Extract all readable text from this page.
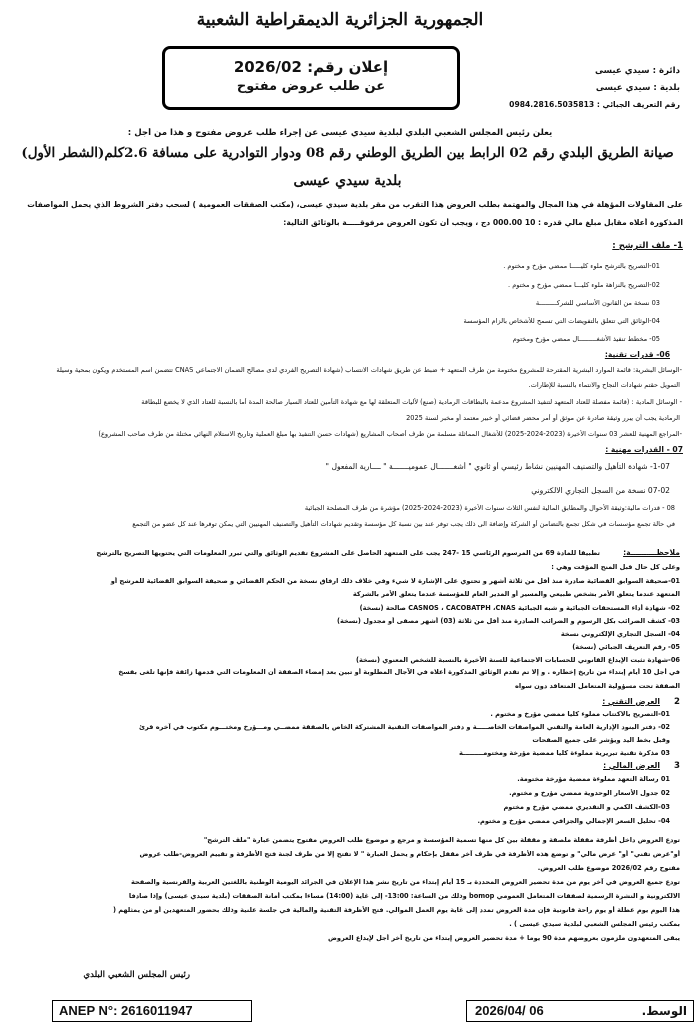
الجمهورية الجزائرية الديمقراطية الشعبية
إعلان رقم: 2026/02
عن طلب عروض مفتوح
دائرة : سيدي عيسى
بلدية : سيدي عيسى
رقم التعريف الجبائي : 0984.2816.5035813
يعلن رئيس المجلس الشعبي البلدي لبلدية سيدي عيسى عن إجراء طلب عروض مفتوح و هذا من أجل :
صيانة الطريق البلدي رقم 02 الرابط بين الطريق الوطني رقم 08 ودوار التوادرية على مسافة 2.6كلم(الشطر الأول)
بلدية سيدي عيسى
على المقاولات المؤهلة في هذا المجال والمهتمة بطلب العروض هذا التقرب من مقر بلدية سيدي عيسى، (مكتب الصفقات العمومية ) لسحب دفتر الشروط الذي يحمل المواصفات
المذكورة أعلاه مقابل مبلغ مالي قدره : 10 000.00 دج ، ويجب أن تكون العروض مرفوقـــــة بالوثائق التالية:
1- ملف الترشح :
01-التصريح بالترشح ملوء كليـــــا ممضي مؤرخ و مختوم .
02-التصريح بالنزاهة ملوء كليـــا ممضي مؤرخ و مختوم .
03 نسخة من القانون الأساسي للشركـــــــــة
04-الوثائق التي تتعلق بالتفويضات التي تسمح للأشخاص بالزام المؤسسة
05- مخطط تنفيذ الأشغـــــــــال ممضي مؤرخ ومختوم
06- قدرات تقنية:
-الوسائل البشرية: قائمة الموارد البشرية المقترحة للمشروع مختومة من طرف المتعهد + ضبط عن طريق شهادات الانتساب (شهادة التصريح الفردي لدى مصالح الضمان الاجتماعي CNAS تتضمن اسم المستخدم ويكون بمحية وسيلة
التمويل حقتم شهادات النجاح والانتماء بالنسبة للإطارات.
- الوسائل المادية : (قائمة مفصلة للعتاد المتعهد لتنفيذ المشروع مدعمة بالبطاقات الرمادية (صنع) لأليات المتعلقة لها مع شهادة التأمين للعتاد السيار صالحة المدة أما بالنسبة للعتاد الذي لا يخضع للبطاقة
الرمادية يجب أن يبرر وثيقة صادرة عن موثق أو أمر محضر قضائي أو خبير معتمد أو مخبر لسنة 2025
-المراجع المهنية للعشر 03 سنوات الأخيرة (2023-2024-2025) للأشغال المماثلة مسلمة من طرف أصحاب المشاريع (شهادات حسن التنفيذ بها مبلغ العملية وتاريخ الاستلام النهائي مختلة من طرف صاحب المشروع)
07 - القدرات مهنية :
1-07- شهادة التأهيل والتصنيف المهنيين نشاط رئيسي أو ثانوي " أشغـــــــال عموميـــــــة " ــــارية المفعول "
07-02 نسخة من السجل التجاري الالكتروني
08 - قدرات مالية:وثيقة الأحوال والمطابق المالية لنفس الثلاث سنوات الأخيرة (2023-2024-2025) مؤشرة من طرف المصلحة الجبائية
في حالة تجمع مؤسسات في شكل تجمع بالتضامن أو الشركة وإضافة الى ذلك يجب توفر عند بين نسبة كل مؤسسة وتقديم شهادات التأهيل والتصنيف المهنيين التي يمكن توفرها عند كل عضو من التجمع
ملاحظــــــــــة:
تطبيقا للمادة 69 من المرسوم الرئاسي 15 -247 يجب على المتعهد الحاصل على المشروع تقديم الوثائق والتي تبرر المعلومات التي يحتويها التصريح بالترشح
وعلى كل حال قبل المنح المؤقت وهي :
01-صحيفة السوابق القضائية صادرة منذ أقل من ثلاثة أشهر و تحتوي على الإشارة لا شيء وفي خلاف ذلك ارفاق نسخة من الحكم القضائي و صحيفة السوابق القضائية للمرشح أو
المتعهد عندما يتعلق الأمر بشخص طبيعي والمسير أو المدير العام للمؤسسة عندما يتعلق الأمر بالشركة
02- شهادة أداء المستحقات الجبائية و شبه الجبائية CASNOS ، CACOBATPH ،CNAS صالحة (نسخة)
03- كشف الضرائب بكل الرسوم و الضرائب الصادرة منذ أقل من ثلاثة (03) أشهر مصفى أو مجدول (نسخة)
04- السجل التجاري الإلكتروني نسخة
05- رقم التعريف الجبائي (نسخة)
06-شهادة تثبت الإيداع القانوني للحسابات الاجتماعية للسنة الأخيرة بالنسبة للشخص المعنوي (نسخة)
في أجل 10 أيام إبتداء من تاريخ إخطاره . و إلا تم تقدم الوثائق المذكورة أعلاه في الآجال المطلوبة أو تبين بعد إمضاء الصفقة أن المعلومات التي قدمها زائفة فإنها تلغى بفسخ
الصفقة تحت مسؤولية المتعامل المتعاقد دون سواه
2
العرض التقني :
01-التصريح بالاكتتاب مملوء كليا ممضي مؤرخ و مختوم .
02- دفتر البنود الإدارية العامة والتقني المواصفات الخاصـــــة و دفتر المواصفات التقنية المشتركة الخاص بالصفقة ممضــي ومـــؤرخ ومختـــوم مكتوب في آخره قرئ
وقبل بخط اليد ويؤشر على جميع الصفحات
03 مذكرة تقنية تبريرية مملوءة كليا ممضية مؤرخة ومختومـــــــــة
3
العرض المالي :
01 رسالة التعهد مملوءة ممضية مؤرخة مختومة.
02 جدول الأسعار الوحدوية ممضي مؤرخ و مختوم.
03-الكشف الكمي و التقديري ممضي مؤرخ و مختوم
04- تحليل السعر الإجمالي والجزافي ممضي مؤرخ و مختوم.
تودع العروض داخل أظرفة مقفلة ملصقة و مقفلة بين كل منها تسمية المؤسسة و مرجع و موضوع طلب العروض مفتوح يتضمن عبارة "ملف الترشح"
أو"عرض تقني" أو" عرض مالي" و توضع هذه الأظرفة في ظرف آخر مقفل بإحكام و يحمل العبارة " لا تفتح إلا من طرف لجنة فتح الأظرفة و تقييم العروض-طلب عروض
مفتوح رقم 2026/02 موضوع طلب العروض.
تودع جميع العروض في آخر يوم من مدة تحضير العروض المحددة بـ 15 أيام إبتداء من تاريخ نشر هذا الإعلان في الجرائد اليومية الوطنية باللغتين العربية والفرنسية والصفحة
الالكترونية و النشرة الرسمية لصفقات المتعامل العمومي bomop وذلك من الساعة: 13:00- إلى غاية (14:00) مساءا بمكتب أمانة الصفقات (بلدية سيدي عيسى) وإذا صادفا
هذا اليوم يوم عطلة أو يوم راحة قانونية فإن مدة العروض تمدد إلى غاية يوم العمل الموالي. فتح الأظرفة التقنية والمالية في جلسة علنية وذلك بحضور المتعهدين أو من يمثلهم (
بمكتب رئيس المجلس الشعبي لبلدية سيدي عيسى ) .
يبقى المتعهدون ملزمون بعروضهم مدة 90 يوما + مدة تحضير العروض إبتداء من تاريخ آخر أجل لإيداع العروض
رئيس المجلس الشعبي البلدي
ANEP N°: 2616011947	الوسط.
2026/04/ 06
